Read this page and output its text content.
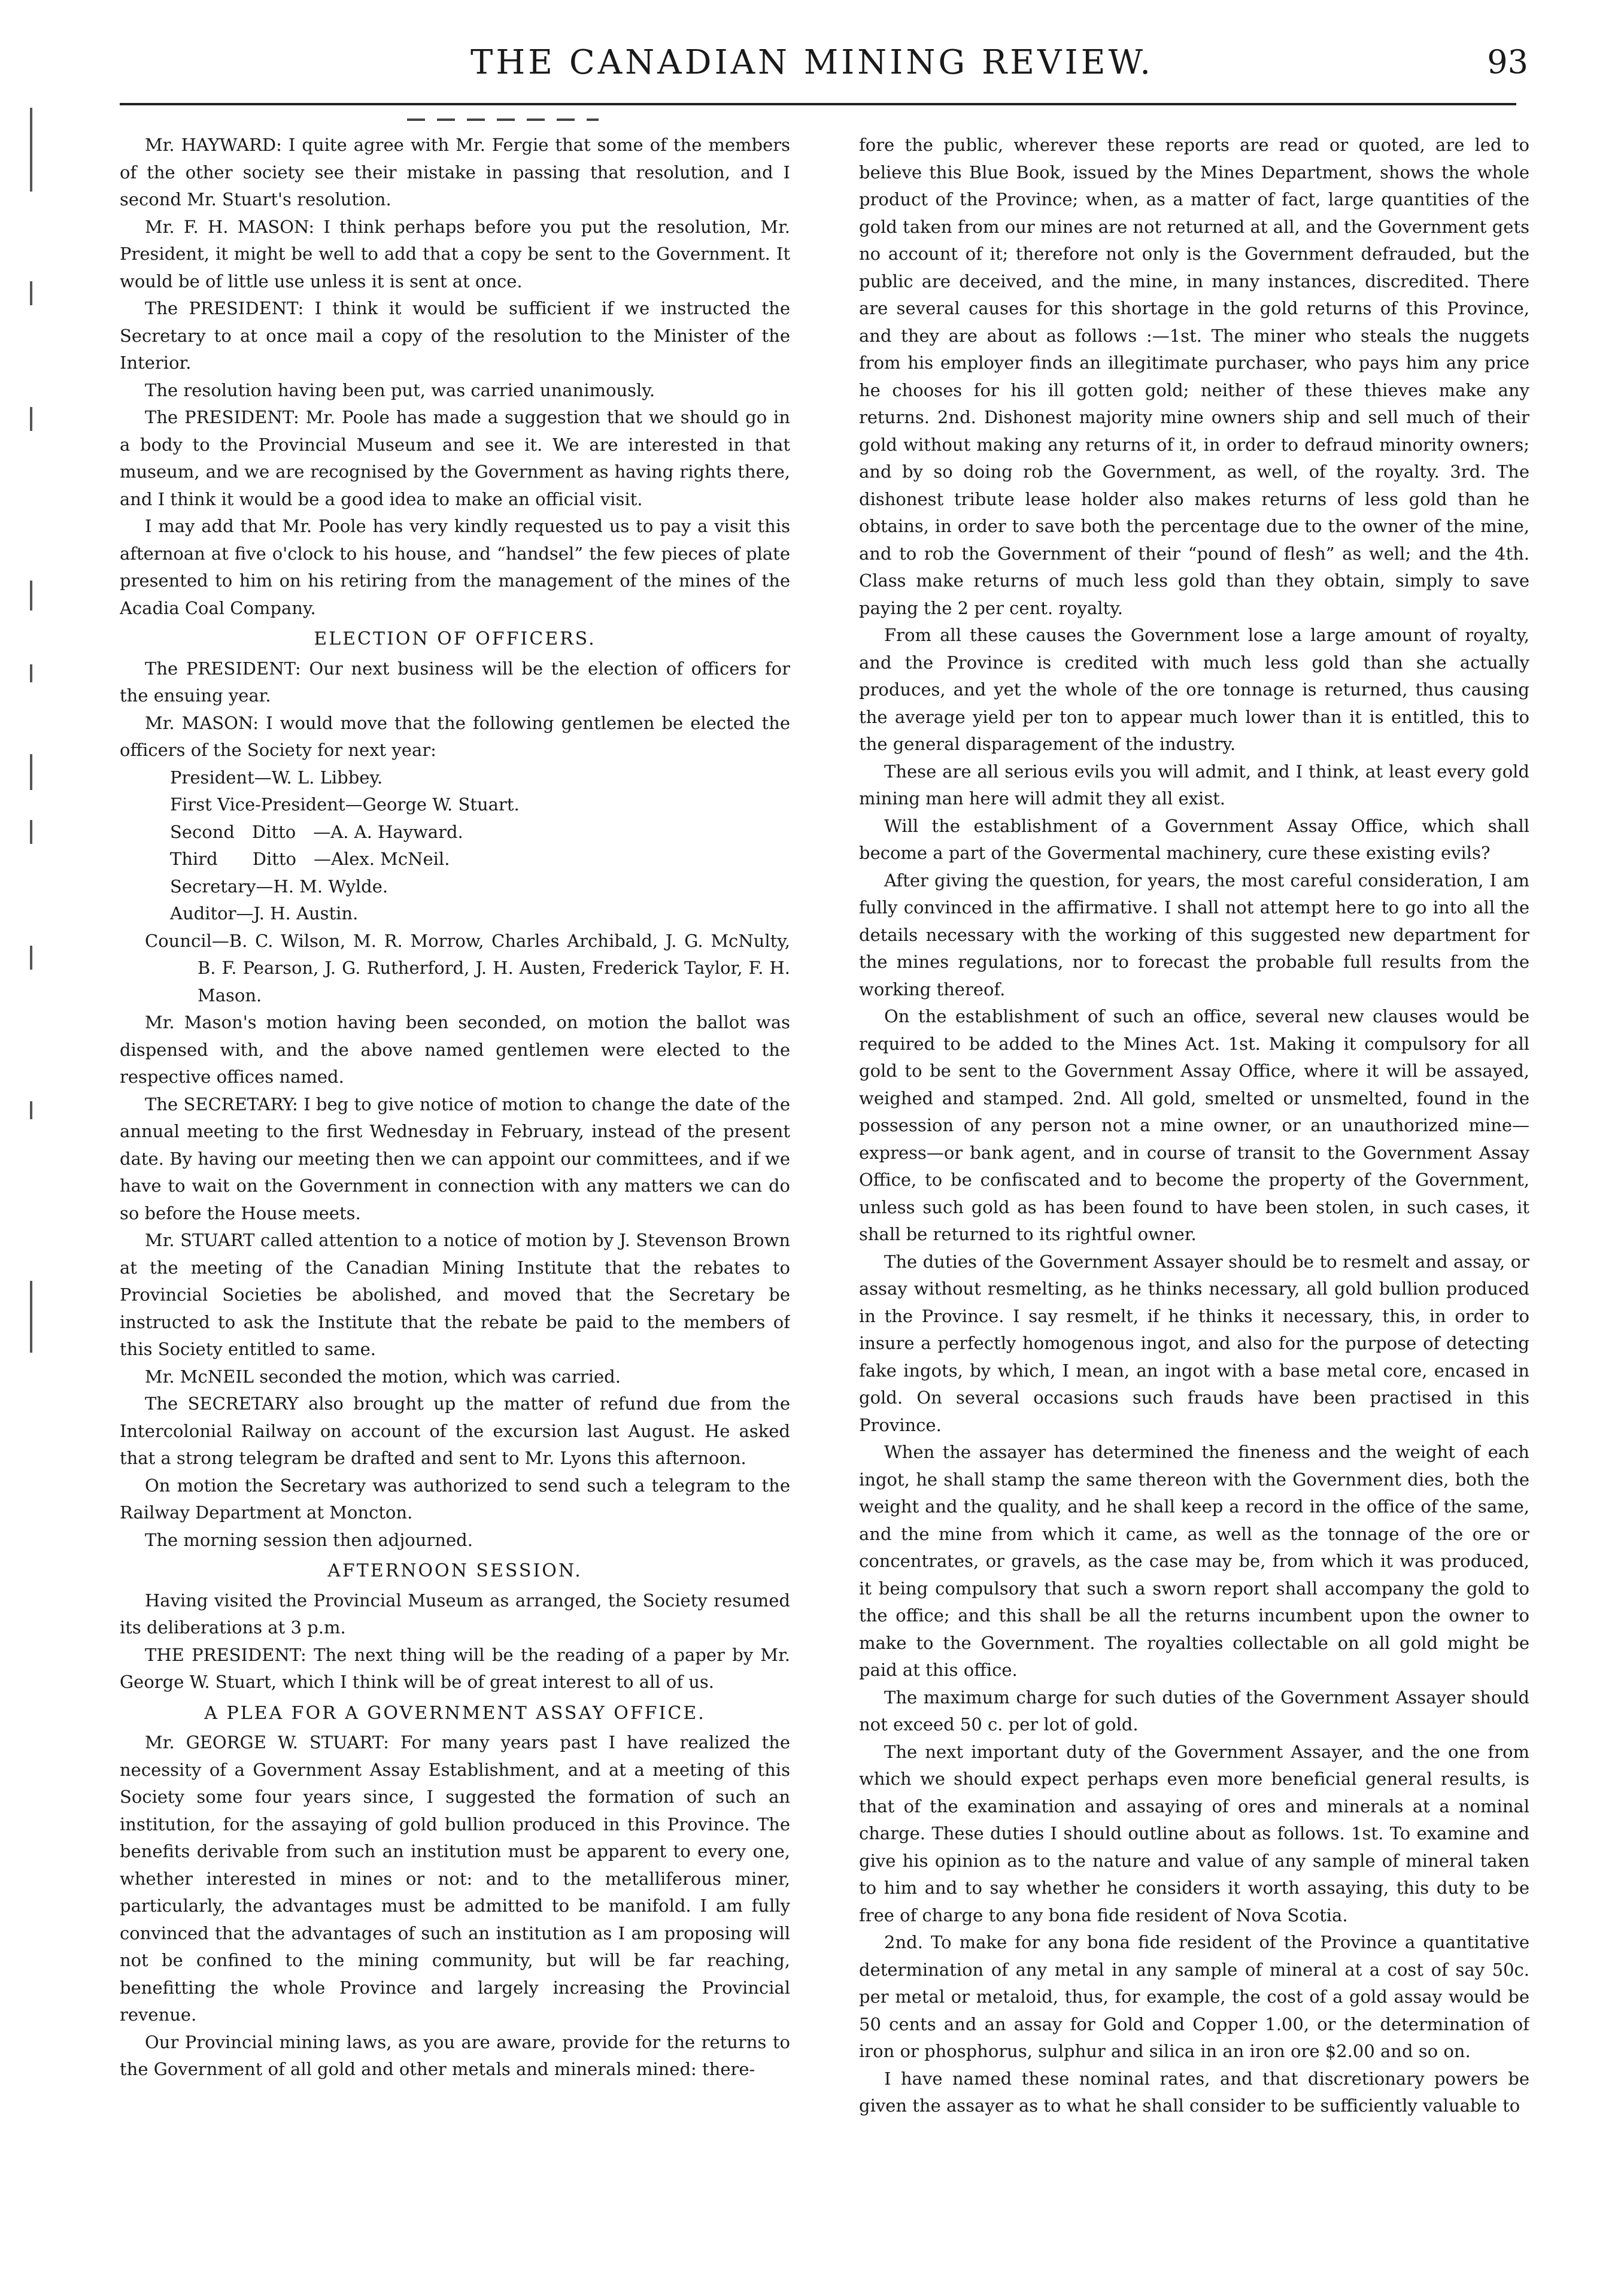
THE CANADIAN MINING REVIEW.	93

Mr. HAYWARD: I quite agree with Mr. Fergie that some of the members of the other society see their mistake in passing that resolution, and I second Mr. Stuart's resolution.

Mr. F. H. MASON: I think perhaps before you put the resolution, Mr. President, it might be well to add that a copy be sent to the Government. It would be of little use unless it is sent at once.

The PRESIDENT: I think it would be sufficient if we instructed the Secretary to at once mail a copy of the resolution to the Minister of the Interior.

The resolution having been put, was carried unanimously.

The PRESIDENT: Mr. Poole has made a suggestion that we should go in a body to the Provincial Museum and see it. We are interested in that museum, and we are recognised by the Government as having rights there, and I think it would be a good idea to make an official visit.

I may add that Mr. Poole has very kindly requested us to pay a visit this afternoan at five o'clock to his house, and “handsel” the few pieces of plate presented to him on his retiring from the management of the mines of the Acadia Coal Company.

ELECTION OF OFFICERS.

The PRESIDENT: Our next business will be the election of officers for the ensuing year.

Mr. MASON: I would move that the following gentlemen be elected the officers of the Society for next year:

President—W. L. Libbey.

First Vice-President—George W. Stuart.

Second Ditto —A. A. Hayward.

Third  Ditto —Alex. McNeil.

Secretary—H. M. Wylde.

Auditor—J. H. Austin.

Council—B. C. Wilson, M. R. Morrow, Charles Archibald, J. G. McNulty, B. F. Pearson, J. G. Rutherford, J. H. Austen, Frederick Taylor, F. H. Mason.

Mr. Mason's motion having been seconded, on motion the ballot was dispensed with, and the above named gentlemen were elected to the respective offices named.

The SECRETARY: I beg to give notice of motion to change the date of the annual meeting to the first Wednesday in February, instead of the present date. By having our meeting then we can appoint our committees, and if we have to wait on the Government in connection with any matters we can do so before the House meets.

Mr. STUART called attention to a notice of motion by J. Stevenson Brown at the meeting of the Canadian Mining Institute that the rebates to Provincial Societies be abolished, and moved that the Secretary be instructed to ask the Institute that the rebate be paid to the members of this Society entitled to same.

Mr. McNEIL seconded the motion, which was carried.

The SECRETARY also brought up the matter of refund due from the Intercolonial Railway on account of the excursion last August. He asked that a strong telegram be drafted and sent to Mr. Lyons this afternoon.

On motion the Secretary was authorized to send such a telegram to the Railway Department at Moncton.

The morning session then adjourned.

AFTERNOON SESSION.

Having visited the Provincial Museum as arranged, the Society resumed its deliberations at 3 p.m.

THE PRESIDENT: The next thing will be the reading of a paper by Mr. George W. Stuart, which I think will be of great interest to all of us.

A PLEA FOR A GOVERNMENT ASSAY OFFICE.

Mr. GEORGE W. STUART: For many years past I have realized the necessity of a Government Assay Establishment, and at a meeting of this Society some four years since, I suggested the formation of such an institution, for the assaying of gold bullion produced in this Province. The benefits derivable from such an institution must be apparent to every one, whether interested in mines or not: and to the metalliferous miner, particularly, the advantages must be admitted to be manifold. I am fully convinced that the advantages of such an institution as I am proposing will not be confined to the mining community, but will be far reaching, benefitting the whole Province and largely increasing the Provincial revenue.

Our Provincial mining laws, as you are aware, provide for the returns to the Government of all gold and other metals and minerals mined: there-

fore the public, wherever these reports are read or quoted, are led to believe this Blue Book, issued by the Mines Department, shows the whole product of the Province; when, as a matter of fact, large quantities of the gold taken from our mines are not returned at all, and the Government gets no account of it; therefore not only is the Government defrauded, but the public are deceived, and the mine, in many instances, discredited. There are several causes for this shortage in the gold returns of this Province, and they are about as follows :—1st. The miner who steals the nuggets from his employer finds an illegitimate purchaser, who pays him any price he chooses for his ill gotten gold; neither of these thieves make any returns. 2nd. Dishonest majority mine owners ship and sell much of their gold without making any returns of it, in order to defraud minority owners; and by so doing rob the Government, as well, of the royalty. 3rd. The dishonest tribute lease holder also makes returns of less gold than he obtains, in order to save both the percentage due to the owner of the mine, and to rob the Government of their “pound of flesh” as well; and the 4th. Class make returns of much less gold than they obtain, simply to save paying the 2 per cent. royalty.

From all these causes the Government lose a large amount of royalty, and the Province is credited with much less gold than she actually produces, and yet the whole of the ore tonnage is returned, thus causing the average yield per ton to appear much lower than it is entitled, this to the general disparagement of the industry.

These are all serious evils you will admit, and I think, at least every gold mining man here will admit they all exist.

Will the establishment of a Government Assay Office, which shall become a part of the Govermental machinery, cure these existing evils?

After giving the question, for years, the most careful consideration, I am fully convinced in the affirmative. I shall not attempt here to go into all the details necessary with the working of this suggested new department for the mines regulations, nor to forecast the probable full results from the working thereof.

On the establishment of such an office, several new clauses would be required to be added to the Mines Act. 1st. Making it compulsory for all gold to be sent to the Government Assay Office, where it will be assayed, weighed and stamped. 2nd. All gold, smelted or unsmelted, found in the possession of any person not a mine owner, or an unauthorized mine—express—or bank agent, and in course of transit to the Government Assay Office, to be confiscated and to become the property of the Government, unless such gold as has been found to have been stolen, in such cases, it shall be returned to its rightful owner.

The duties of the Government Assayer should be to resmelt and assay, or assay without resmelting, as he thinks necessary, all gold bullion produced in the Province. I say resmelt, if he thinks it necessary, this, in order to insure a perfectly homogenous ingot, and also for the purpose of detecting fake ingots, by which, I mean, an ingot with a base metal core, encased in gold. On several occasions such frauds have been practised in this Province.

When the assayer has determined the fineness and the weight of each ingot, he shall stamp the same thereon with the Government dies, both the weight and the quality, and he shall keep a record in the office of the same, and the mine from which it came, as well as the tonnage of the ore or concentrates, or gravels, as the case may be, from which it was produced, it being compulsory that such a sworn report shall accompany the gold to the office; and this shall be all the returns incumbent upon the owner to make to the Government. The royalties collectable on all gold might be paid at this office.

The maximum charge for such duties of the Government Assayer should not exceed 50 c. per lot of gold.

The next important duty of the Government Assayer, and the one from which we should expect perhaps even more beneficial general results, is that of the examination and assaying of ores and minerals at a nominal charge. These duties I should outline about as follows. 1st. To examine and give his opinion as to the nature and value of any sample of mineral taken to him and to say whether he considers it worth assaying, this duty to be free of charge to any bona fide resident of Nova Scotia.

2nd. To make for any bona fide resident of the Province a quantitative determination of any metal in any sample of mineral at a cost of say 50c. per metal or metaloid, thus, for example, the cost of a gold assay would be 50 cents and an assay for Gold and Copper 1.00, or the determination of iron or phosphorus, sulphur and silica in an iron ore $2.00 and so on.

I have named these nominal rates, and that discretionary powers be given the assayer as to what he shall consider to be sufficiently valuable to
